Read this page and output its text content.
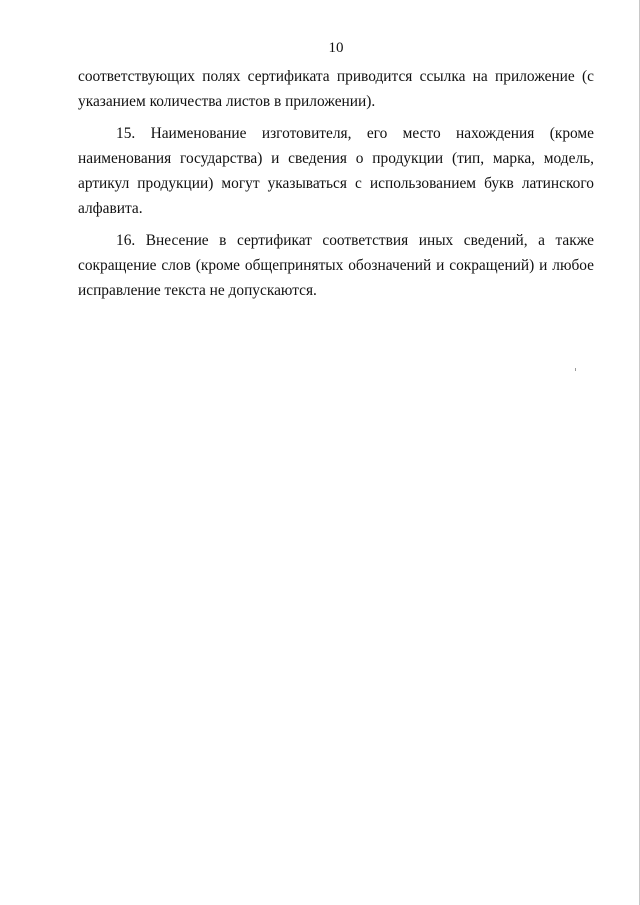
10

соответствующих полях сертификата приводится ссылка на приложение (с указанием количества листов в приложении).

15. Наименование изготовителя, его место нахождения (кроме наименования государства) и сведения о продукции (тип, марка, модель, артикул продукции) могут указываться с использованием букв латинского алфавита.

16. Внесение в сертификат соответствия иных сведений, а также сокращение слов (кроме общепринятых обозначений и сокращений) и любое исправление текста не допускаются.
